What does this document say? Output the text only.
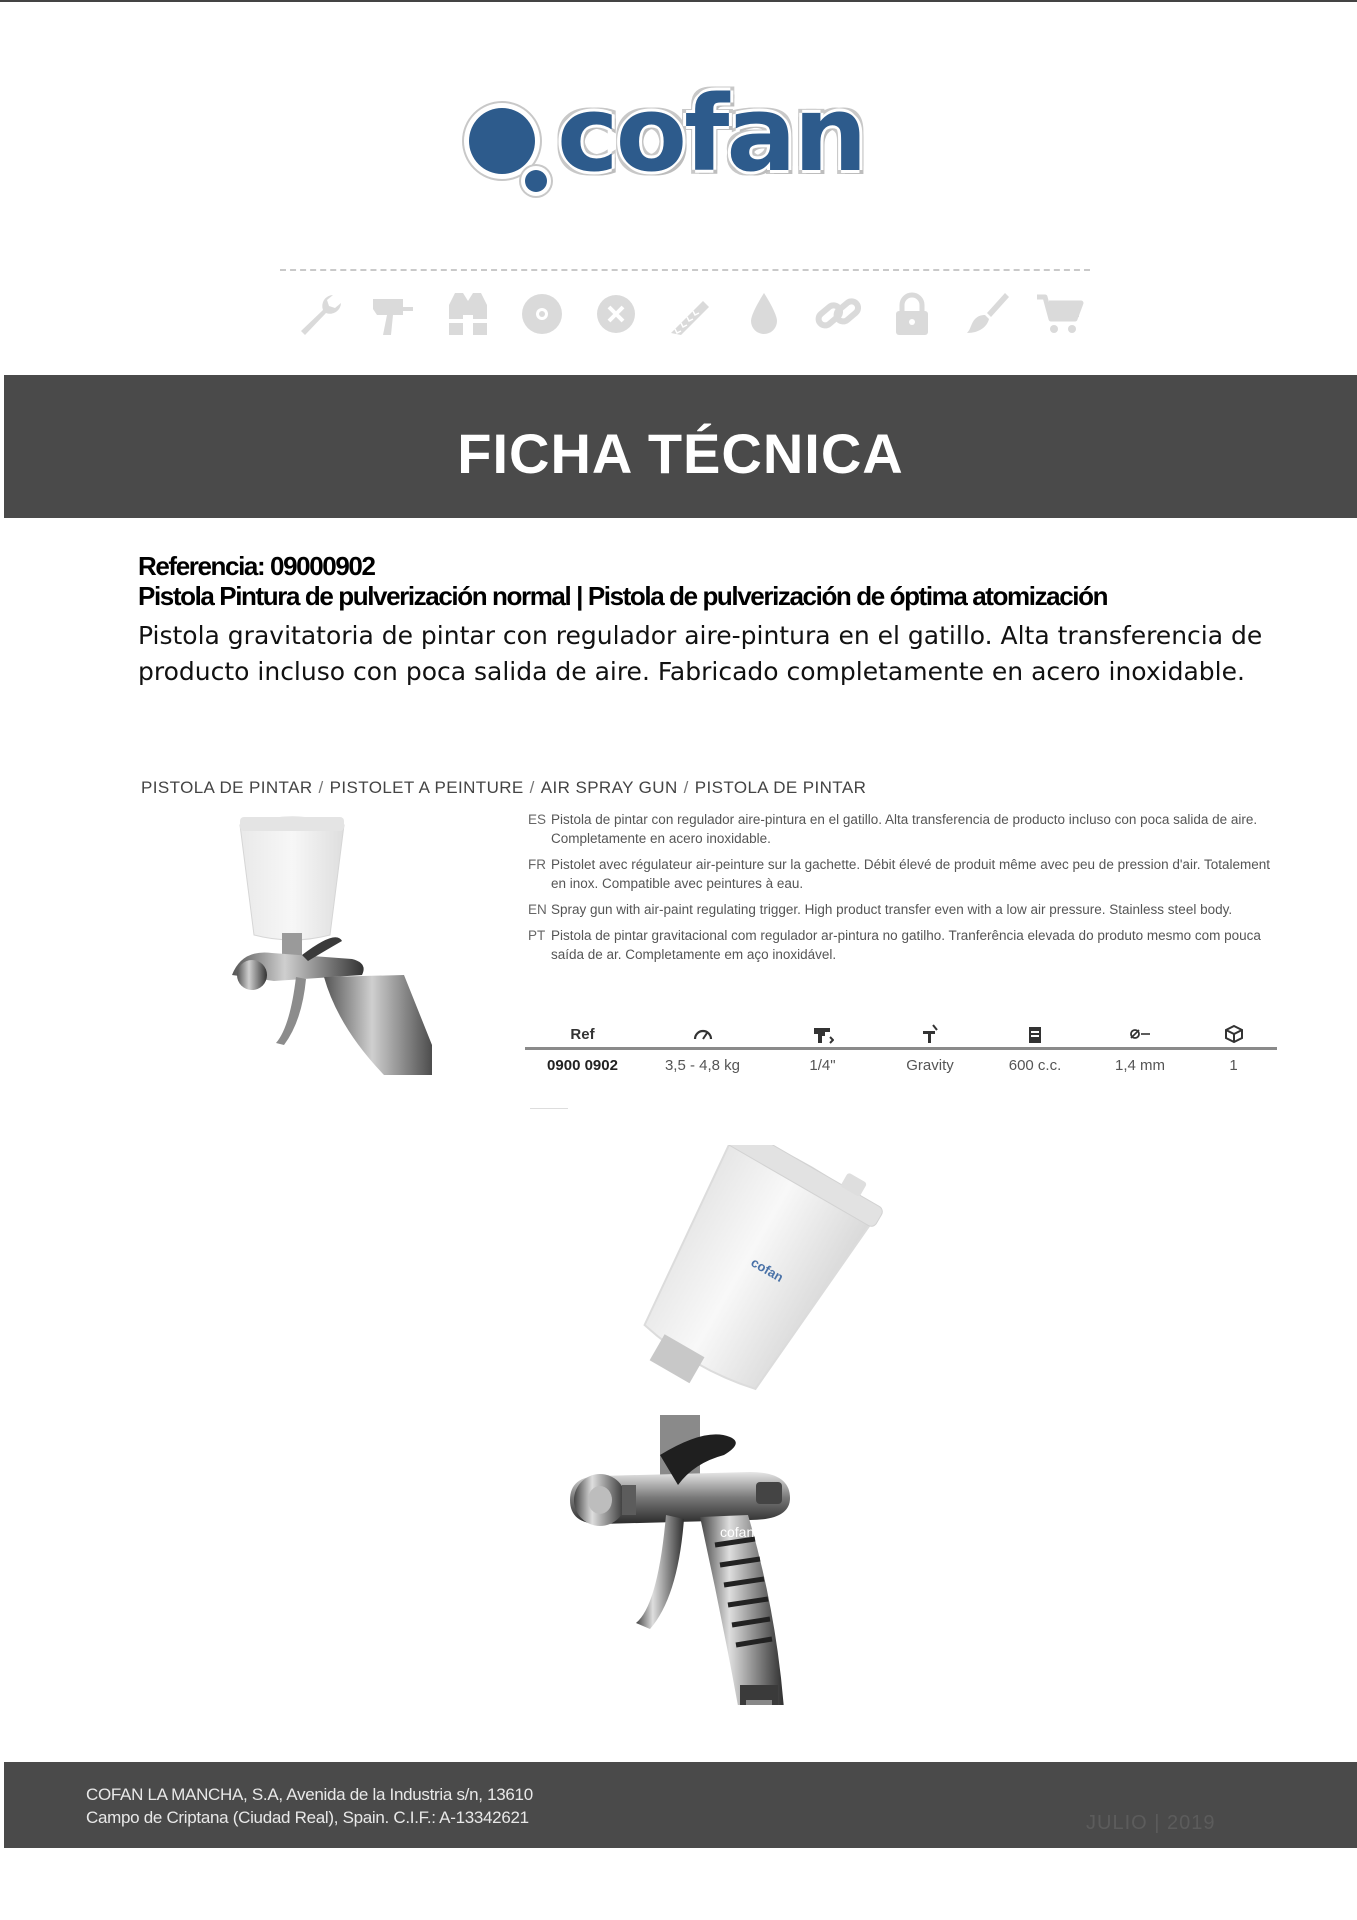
cofan
FICHA TÉCNICA
Referencia: 09000902
Pistola Pintura de pulverización normal | Pistola de pulverización de óptima atomización
Pistola gravitatoria de pintar con regulador aire-pintura en el gatillo. Alta transferencia de producto incluso con poca salida de aire. Fabricado completamente en acero inoxidable.
PISTOLA DE PINTAR / PISTOLET A PEINTURE / AIR SPRAY GUN / PISTOLA DE PINTAR
ES Pistola de pintar con regulador aire-pintura en el gatillo. Alta transferencia de producto incluso con poca salida de aire. Completamente en acero inoxidable.
FR Pistolet avec régulateur air-peinture sur la gachette. Débit élevé de produit même avec peu de pression d'air. Totalement en inox. Compatible avec peintures à eau.
EN Spray gun with air-paint regulating trigger. High product transfer even with a low air pressure. Stainless steel body.
PT Pistola de pintar gravitacional com regulador ar-pintura no gatilho. Tranferência elevada do produto mesmo com pouca saída de ar. Completamente em aço inoxidável.
Ref
0900 0902	3,5 - 4,8 kg	1/4"	Gravity	600 c.c.	1,4 mm	1
cofan
cofan
COFAN LA MANCHA, S.A, Avenida de la Industria s/n, 13610
Campo de Criptana (Ciudad Real), Spain. C.I.F.: A-13342621	JULIO | 2019
